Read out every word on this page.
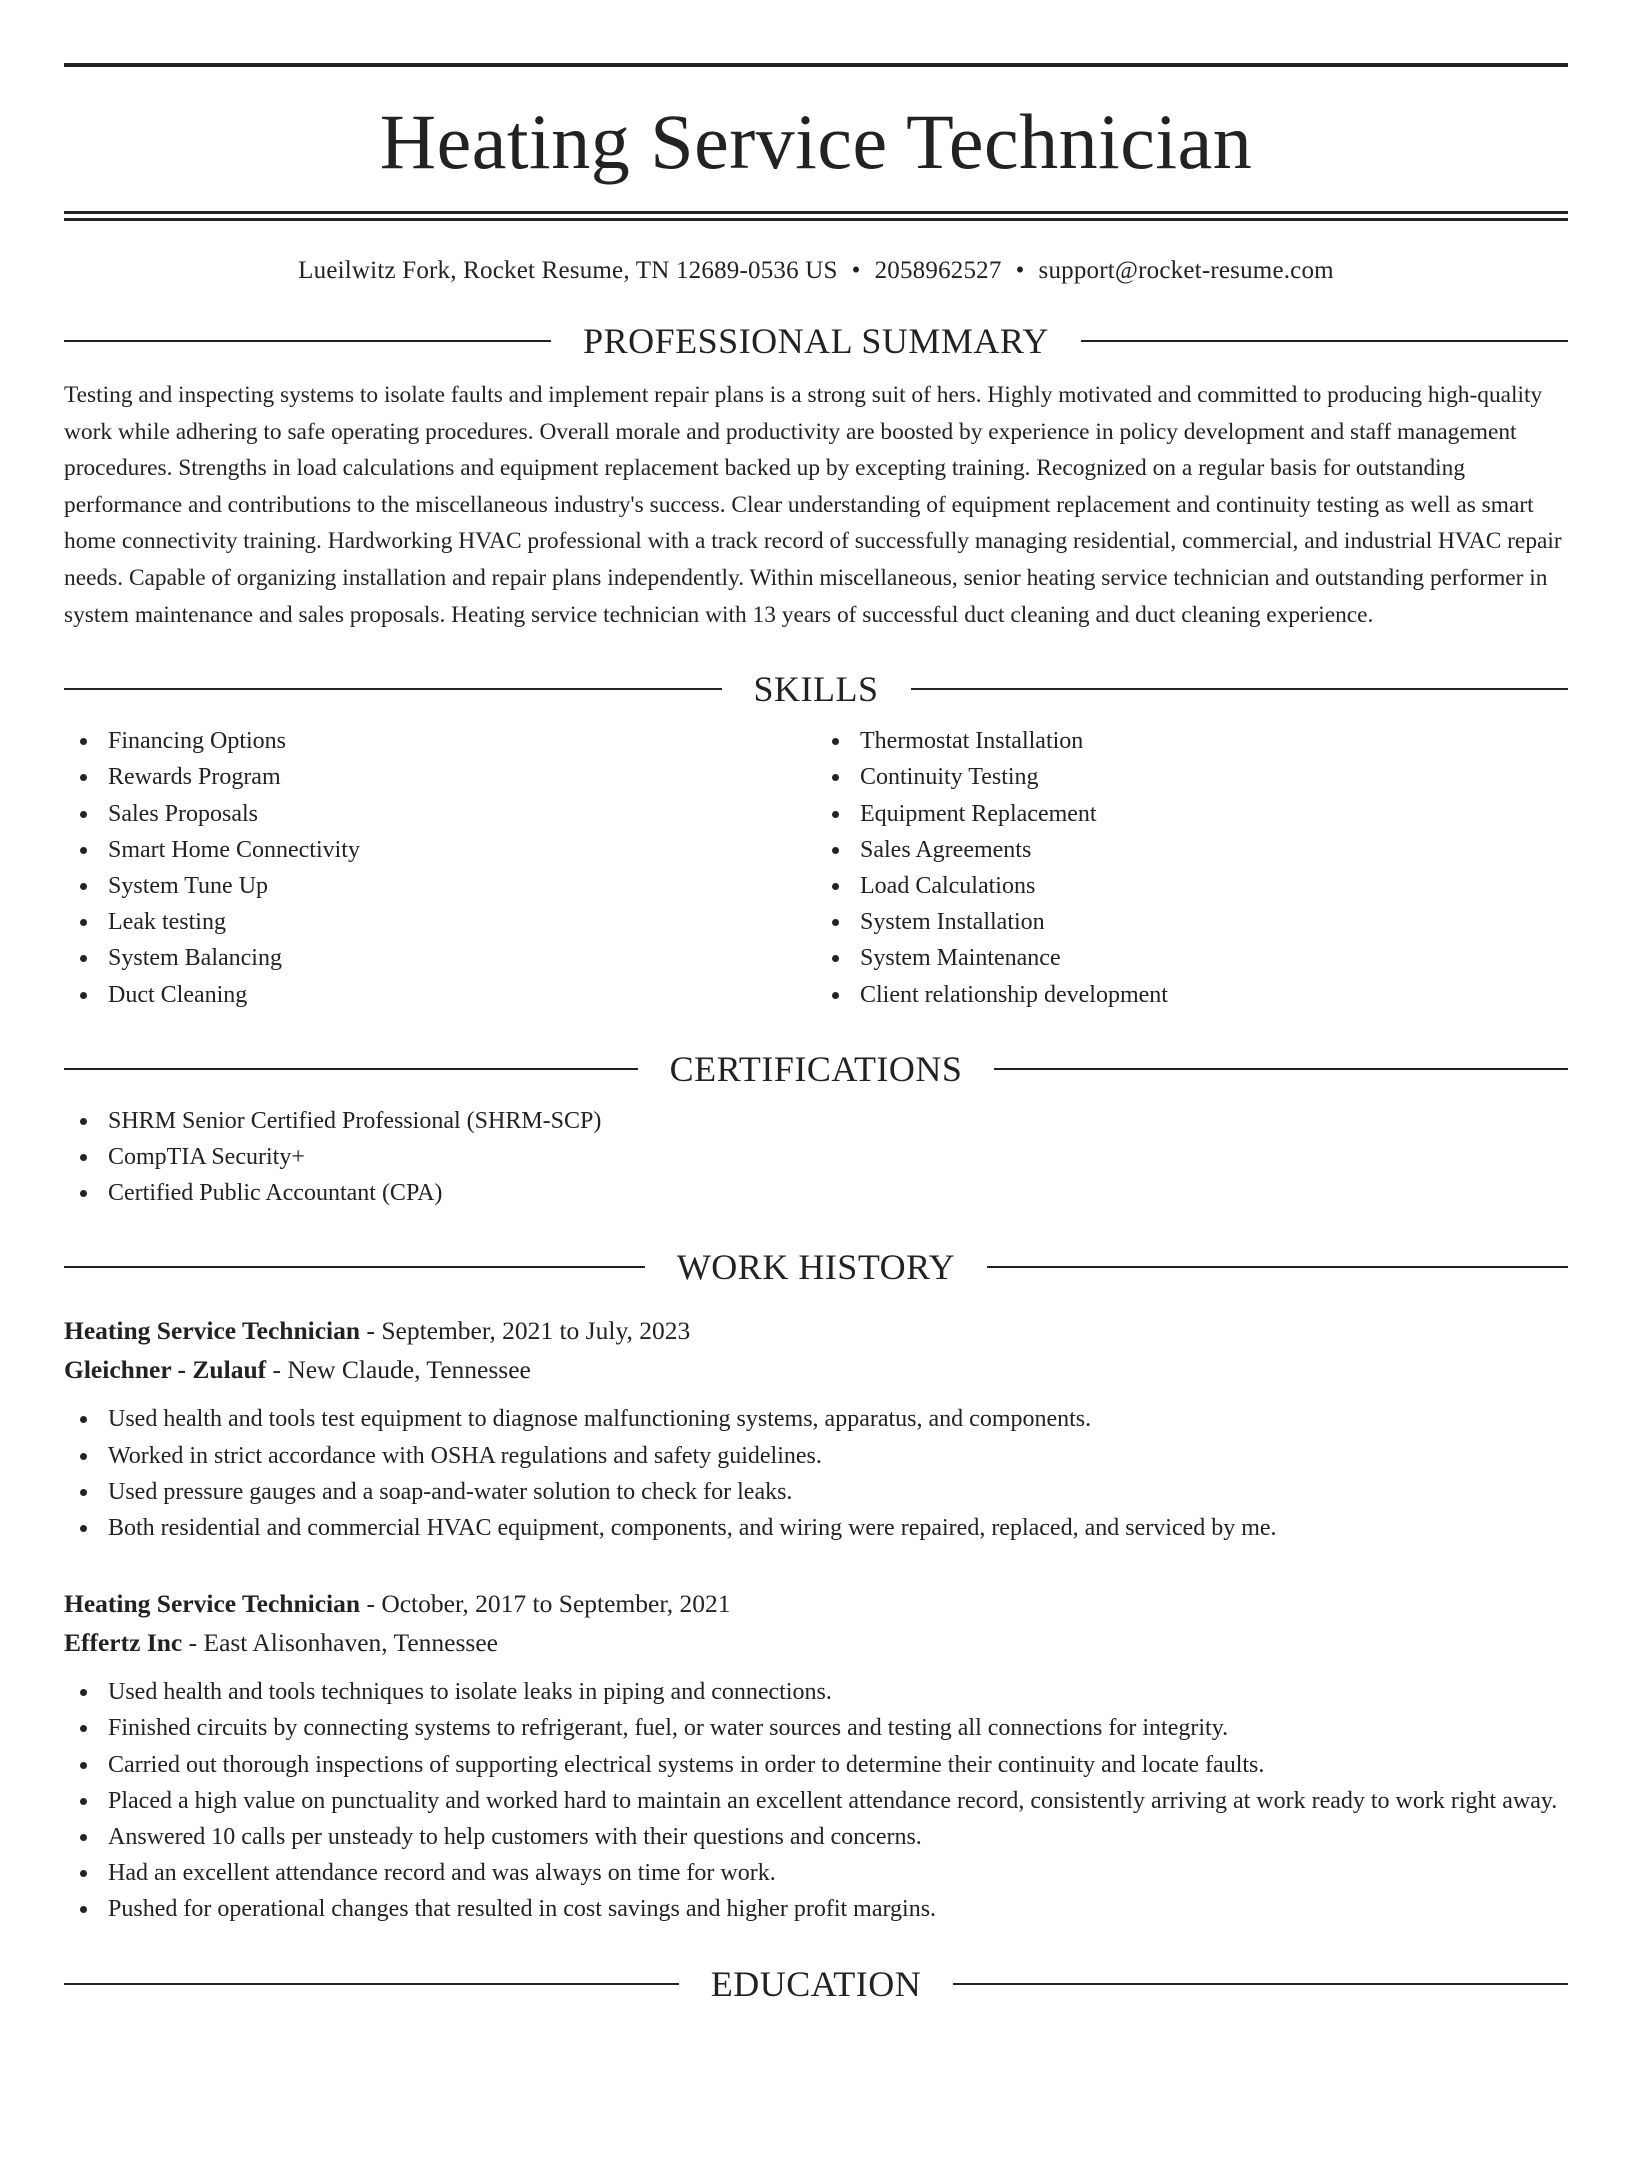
Heating Service Technician
Lueilwitz Fork, Rocket Resume, TN 12689-0536 US • 2058962527 • support@rocket-resume.com
PROFESSIONAL SUMMARY
Testing and inspecting systems to isolate faults and implement repair plans is a strong suit of hers. Highly motivated and committed to producing high-quality work while adhering to safe operating procedures. Overall morale and productivity are boosted by experience in policy development and staff management procedures. Strengths in load calculations and equipment replacement backed up by excepting training. Recognized on a regular basis for outstanding performance and contributions to the miscellaneous industry's success. Clear understanding of equipment replacement and continuity testing as well as smart home connectivity training. Hardworking HVAC professional with a track record of successfully managing residential, commercial, and industrial HVAC repair needs. Capable of organizing installation and repair plans independently. Within miscellaneous, senior heating service technician and outstanding performer in system maintenance and sales proposals. Heating service technician with 13 years of successful duct cleaning and duct cleaning experience.
SKILLS
Financing Options
Rewards Program
Sales Proposals
Smart Home Connectivity
System Tune Up
Leak testing
System Balancing
Duct Cleaning
Thermostat Installation
Continuity Testing
Equipment Replacement
Sales Agreements
Load Calculations
System Installation
System Maintenance
Client relationship development
CERTIFICATIONS
SHRM Senior Certified Professional (SHRM-SCP)
CompTIA Security+
Certified Public Accountant (CPA)
WORK HISTORY
Heating Service Technician - September, 2021 to July, 2023
Gleichner - Zulauf - New Claude, Tennessee
Used health and tools test equipment to diagnose malfunctioning systems, apparatus, and components.
Worked in strict accordance with OSHA regulations and safety guidelines.
Used pressure gauges and a soap-and-water solution to check for leaks.
Both residential and commercial HVAC equipment, components, and wiring were repaired, replaced, and serviced by me.
Heating Service Technician - October, 2017 to September, 2021
Effertz Inc - East Alisonhaven, Tennessee
Used health and tools techniques to isolate leaks in piping and connections.
Finished circuits by connecting systems to refrigerant, fuel, or water sources and testing all connections for integrity.
Carried out thorough inspections of supporting electrical systems in order to determine their continuity and locate faults.
Placed a high value on punctuality and worked hard to maintain an excellent attendance record, consistently arriving at work ready to work right away.
Answered 10 calls per unsteady to help customers with their questions and concerns.
Had an excellent attendance record and was always on time for work.
Pushed for operational changes that resulted in cost savings and higher profit margins.
EDUCATION
